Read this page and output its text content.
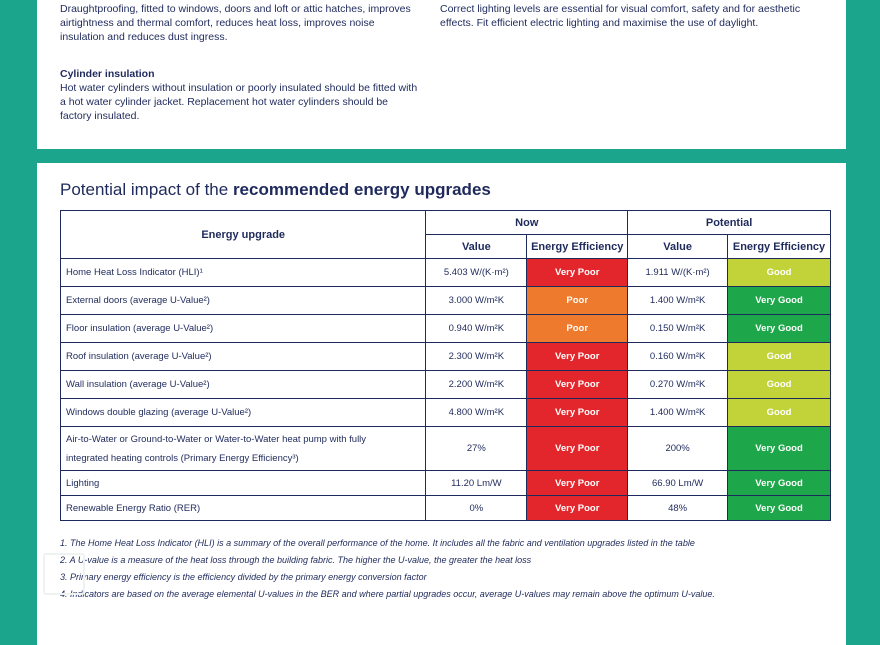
Draughtproofing, fitted to windows, doors and loft or attic hatches, improves airtightness and thermal comfort, reduces heat loss, improves noise insulation and reduces dust ingress.

Cylinder insulation

Hot water cylinders without insulation or poorly insulated should be fitted with a hot water cylinder jacket. Replacement hot water cylinders should be factory insulated.

Correct lighting levels are essential for visual comfort, safety and for aesthetic effects. Fit efficient electric lighting and maximise the use of daylight.

Potential impact of the recommended energy upgrades
Energy upgrade	Now		Potential	
	Value	Energy Efficiency	Value	Energy Efficiency
Home Heat Loss Indicator (HLI)¹	5.403 W/(K·m²)	Very Poor	1.911 W/(K·m²)	Good
External doors (average U-Value²)	3.000 W/m²K	Poor	1.400 W/m²K	Very Good
Floor insulation (average U-Value²)	0.940 W/m²K	Poor	0.150 W/m²K	Very Good
Roof insulation (average U-Value²)	2.300 W/m²K	Very Poor	0.160 W/m²K	Good
Wall insulation (average U-Value²)	2.200 W/m²K	Very Poor	0.270 W/m²K	Good
Windows double glazing (average U-Value²)	4.800 W/m²K	Very Poor	1.400 W/m²K	Good
Air-to-Water or Ground-to-Water or Water-to-Water heat pump with fully
integrated heating controls (Primary Energy Efficiency³)	27%	Very Poor	200%	Very Good
Lighting	11.20 Lm/W	Very Poor	66.90 Lm/W	Very Good
Renewable Energy Ratio (RER)	0%	Very Poor	48%	Very Good
1. The Home Heat Loss Indicator (HLI) is a summary of the overall performance of the home. It includes all the fabric and ventilation upgrades listed in the table
2. A U-value is a measure of the heat loss through the building fabric. The higher the U-value, the greater the heat loss
3. Primary energy efficiency is the efficiency divided by the primary energy conversion factor
4. Indicators are based on the average elemental U-values in the BER and where partial upgrades occur, average U-values may remain above the optimum U-value.
